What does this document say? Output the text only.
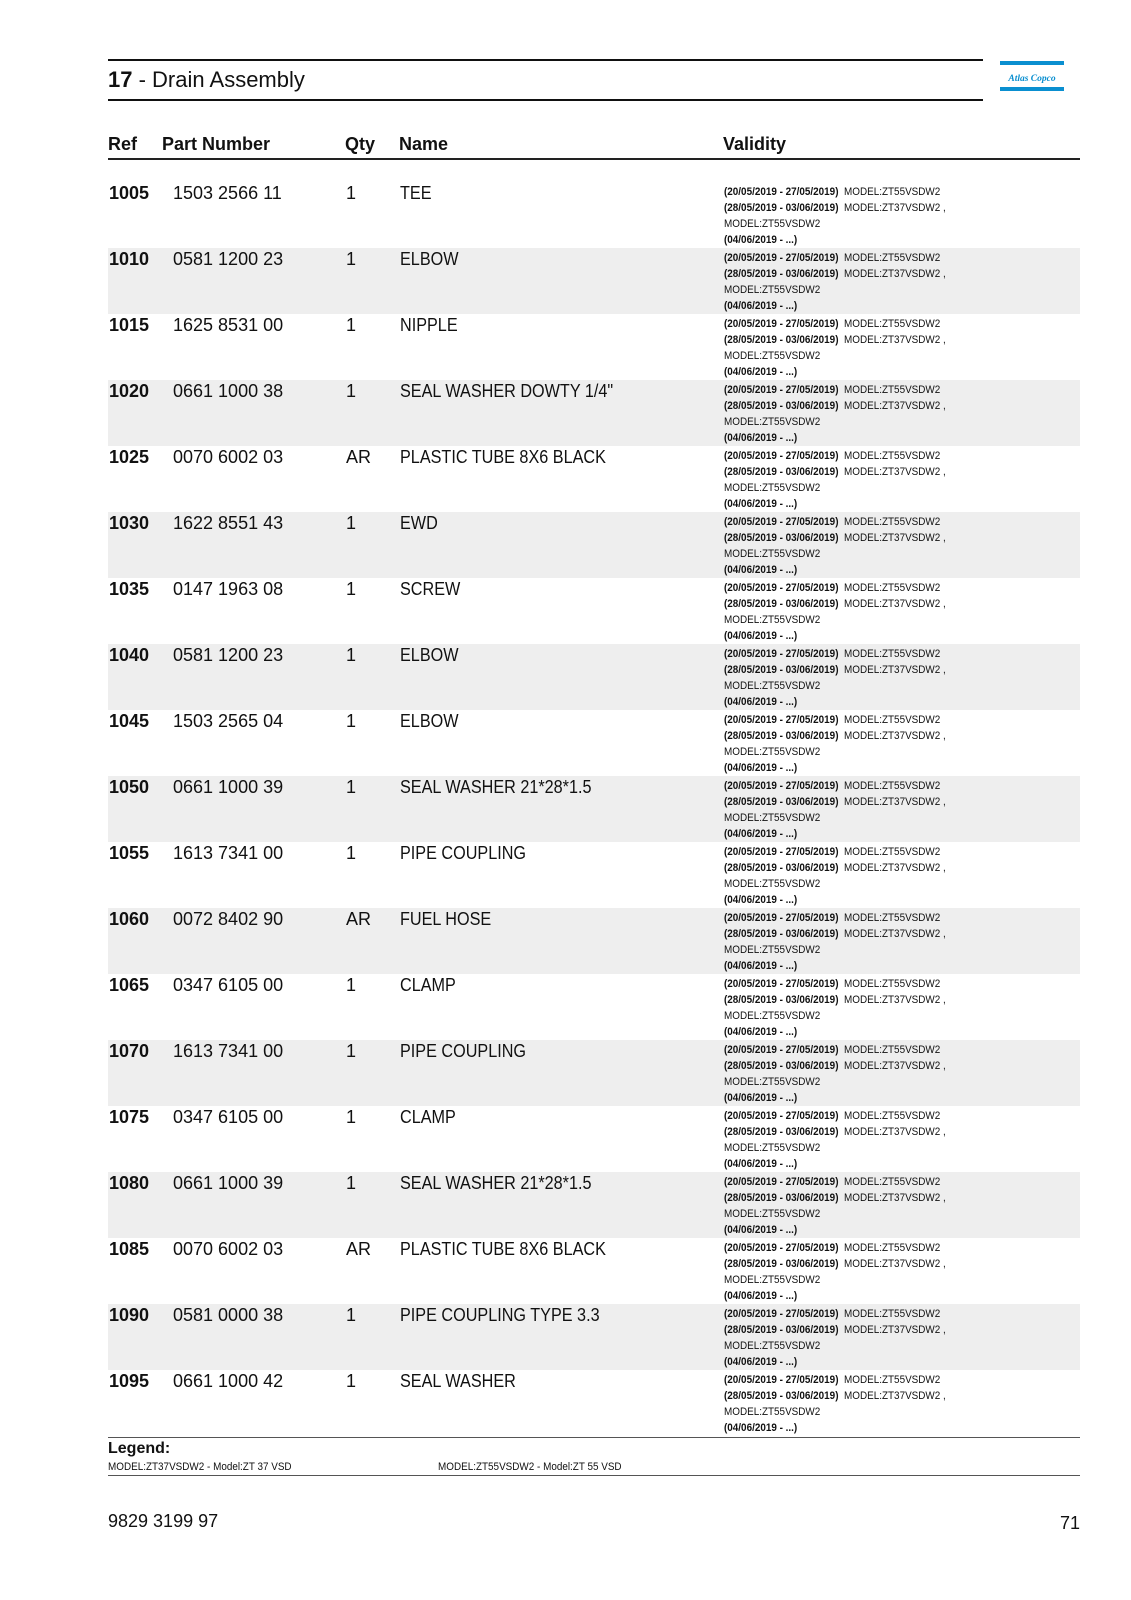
17 - Drain Assembly	Atlas Copco
Ref Part Number	Qty Name	Validity
1005 1503 2566 11	1 TEE	(20/05/2019 - 27/05/2019) MODEL:ZT55VSDW2
(28/05/2019 - 03/06/2019) MODEL:ZT37VSDW2 ,
MODEL:ZT55VSDW2
(04/06/2019 - ...)
1010 0581 1200 23	1 ELBOW	(20/05/2019 - 27/05/2019) MODEL:ZT55VSDW2
(28/05/2019 - 03/06/2019) MODEL:ZT37VSDW2 ,
MODEL:ZT55VSDW2
(04/06/2019 - ...)
1015 1625 8531 00	1 NIPPLE	(20/05/2019 - 27/05/2019) MODEL:ZT55VSDW2
(28/05/2019 - 03/06/2019) MODEL:ZT37VSDW2 ,
MODEL:ZT55VSDW2
(04/06/2019 - ...)
1020 0661 1000 38	1 SEAL WASHER DOWTY 1/4"	(20/05/2019 - 27/05/2019) MODEL:ZT55VSDW2
(28/05/2019 - 03/06/2019) MODEL:ZT37VSDW2 ,
MODEL:ZT55VSDW2
(04/06/2019 - ...)
1025 0070 6002 03	AR PLASTIC TUBE 8X6 BLACK	(20/05/2019 - 27/05/2019) MODEL:ZT55VSDW2
(28/05/2019 - 03/06/2019) MODEL:ZT37VSDW2 ,
MODEL:ZT55VSDW2
(04/06/2019 - ...)
1030 1622 8551 43	1 EWD	(20/05/2019 - 27/05/2019) MODEL:ZT55VSDW2
(28/05/2019 - 03/06/2019) MODEL:ZT37VSDW2 ,
MODEL:ZT55VSDW2
(04/06/2019 - ...)
1035 0147 1963 08	1 SCREW	(20/05/2019 - 27/05/2019) MODEL:ZT55VSDW2
(28/05/2019 - 03/06/2019) MODEL:ZT37VSDW2 ,
MODEL:ZT55VSDW2
(04/06/2019 - ...)
1040 0581 1200 23	1 ELBOW	(20/05/2019 - 27/05/2019) MODEL:ZT55VSDW2
(28/05/2019 - 03/06/2019) MODEL:ZT37VSDW2 ,
MODEL:ZT55VSDW2
(04/06/2019 - ...)
1045 1503 2565 04	1 ELBOW	(20/05/2019 - 27/05/2019) MODEL:ZT55VSDW2
(28/05/2019 - 03/06/2019) MODEL:ZT37VSDW2 ,
MODEL:ZT55VSDW2
(04/06/2019 - ...)
1050 0661 1000 39	1 SEAL WASHER 21*28*1.5	(20/05/2019 - 27/05/2019) MODEL:ZT55VSDW2
(28/05/2019 - 03/06/2019) MODEL:ZT37VSDW2 ,
MODEL:ZT55VSDW2
(04/06/2019 - ...)
1055 1613 7341 00	1 PIPE COUPLING	(20/05/2019 - 27/05/2019) MODEL:ZT55VSDW2
(28/05/2019 - 03/06/2019) MODEL:ZT37VSDW2 ,
MODEL:ZT55VSDW2
(04/06/2019 - ...)
1060 0072 8402 90	AR FUEL HOSE	(20/05/2019 - 27/05/2019) MODEL:ZT55VSDW2
(28/05/2019 - 03/06/2019) MODEL:ZT37VSDW2 ,
MODEL:ZT55VSDW2
(04/06/2019 - ...)
1065 0347 6105 00	1 CLAMP	(20/05/2019 - 27/05/2019) MODEL:ZT55VSDW2
(28/05/2019 - 03/06/2019) MODEL:ZT37VSDW2 ,
MODEL:ZT55VSDW2
(04/06/2019 - ...)
1070 1613 7341 00	1 PIPE COUPLING	(20/05/2019 - 27/05/2019) MODEL:ZT55VSDW2
(28/05/2019 - 03/06/2019) MODEL:ZT37VSDW2 ,
MODEL:ZT55VSDW2
(04/06/2019 - ...)
1075 0347 6105 00	1 CLAMP	(20/05/2019 - 27/05/2019) MODEL:ZT55VSDW2
(28/05/2019 - 03/06/2019) MODEL:ZT37VSDW2 ,
MODEL:ZT55VSDW2
(04/06/2019 - ...)
1080 0661 1000 39	1 SEAL WASHER 21*28*1.5	(20/05/2019 - 27/05/2019) MODEL:ZT55VSDW2
(28/05/2019 - 03/06/2019) MODEL:ZT37VSDW2 ,
MODEL:ZT55VSDW2
(04/06/2019 - ...)
1085 0070 6002 03	AR PLASTIC TUBE 8X6 BLACK	(20/05/2019 - 27/05/2019) MODEL:ZT55VSDW2
(28/05/2019 - 03/06/2019) MODEL:ZT37VSDW2 ,
MODEL:ZT55VSDW2
(04/06/2019 - ...)
1090 0581 0000 38	1 PIPE COUPLING TYPE 3.3	(20/05/2019 - 27/05/2019) MODEL:ZT55VSDW2
(28/05/2019 - 03/06/2019) MODEL:ZT37VSDW2 ,
MODEL:ZT55VSDW2
(04/06/2019 - ...)
1095 0661 1000 42	1 SEAL WASHER	(20/05/2019 - 27/05/2019) MODEL:ZT55VSDW2
(28/05/2019 - 03/06/2019) MODEL:ZT37VSDW2 ,
MODEL:ZT55VSDW2
(04/06/2019 - ...)
Legend:
MODEL:ZT37VSDW2 - Model:ZT 37 VSD	MODEL:ZT55VSDW2 - Model:ZT 55 VSD
9829 3199 97	71
